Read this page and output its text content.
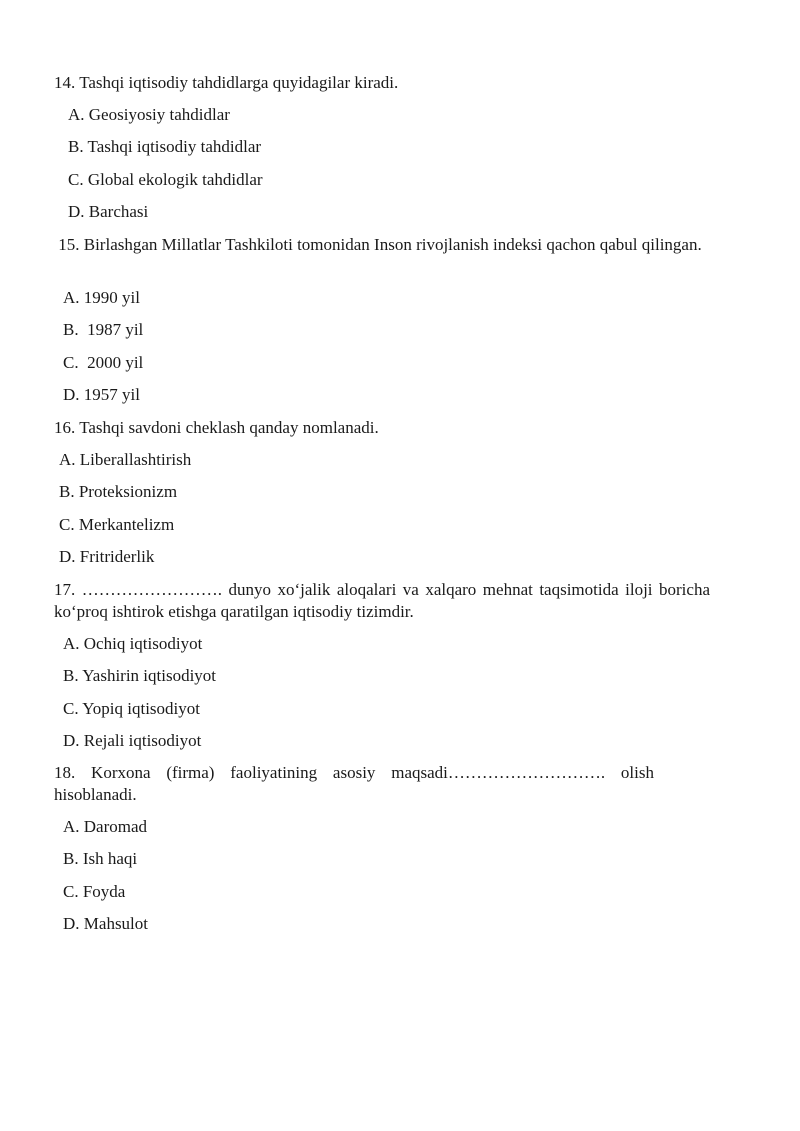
14. Tashqi iqtisodiy tahdidlarga quyidagilar kiradi.

A. Geosiyosiy tahdidlar

B. Tashqi iqtisodiy tahdidlar

C. Global ekologik tahdidlar

D. Barchasi

15. Birlashgan Millatlar Tashkiloti tomonidan Inson rivojlanish indeksi qachon qabul qilingan.

A. 1990 yil

B.  1987 yil

C.  2000 yil

D. 1957 yil

16. Tashqi savdoni cheklash qanday nomlanadi.

A. Liberallashtirish

B. Proteksionizm

C. Merkantelizm

D. Fritriderlik

17. ……………………. dunyo xo‘jalik aloqalari va xalqaro mehnat taqsimotida iloji boricha ko‘proq ishtirok etishga qaratilgan iqtisodiy tizimdir.

A. Ochiq iqtisodiyot

B. Yashirin iqtisodiyot

C. Yopiq iqtisodiyot

D. Rejali iqtisodiyot

18. Korxona (firma) faoliyatining asosiy maqsadi………………………. olish hisoblanadi.

A. Daromad

B. Ish haqi

C. Foyda

D. Mahsulot
